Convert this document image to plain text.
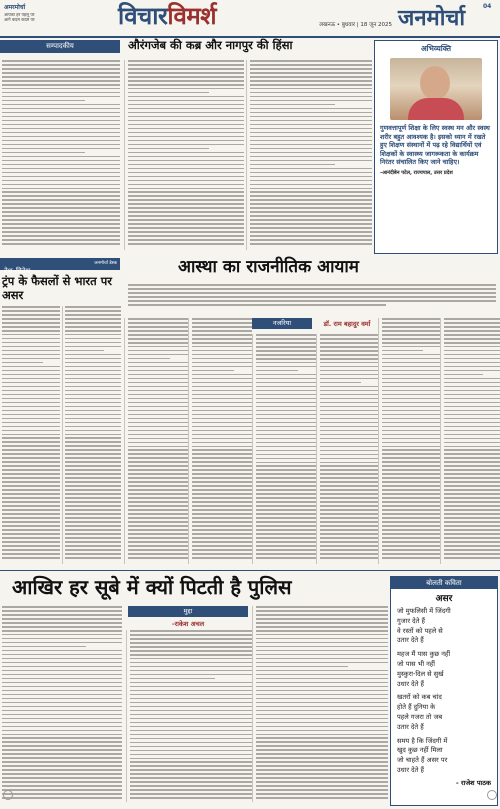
अमरमोर्चा
आपका हर पहलू पर
आगे कदम कदम पर	विचारविमर्श	लखनऊ • बुधवार | 18 जून 2025 जनमोर्चा	04
सम्पादकीय	औरंगजेब की कब्र और नागपुर की हिंसा	अभिव्यक्ति
गुणवत्तापूर्ण शिक्षा के लिए स्वस्थ मन और स्वस्थ शरीर बहुत आवश्यक है। इसको ध्यान में रखते हुए शिक्षण संस्थानों में पढ़ रहे विद्यार्थियों एवं शिक्षकों के स्वास्थ्य जागरूकता के कार्यक्रम निरंतर संचालित किए जाने चाहिए।
-आनंदीबेन पटेल, राज्यपाल, उत्तर प्रदेश
देश–विदेश
जनमोर्चा डेस्क
ट्रंप के फैसलों से भारत पर असर
आस्था का राजनीतिक आयाम
नजरिया	डॉ. राम बहादुर वर्मा
आखिर हर सूबे में क्यों पिटती है पुलिस
मुद्दा
-राकेश अचल
बोलती कविता
असर
जो मुफलिसी में जिंदगी
गुजार देते हैं
वे रस्तों को पहले से
उतार देते हैं
महज मैं पास कुछ नहीं
जो पास भी नहीं
मुस्कुरा-दिल से सुर्ख
उधार देते हैं
खतरों को कब चांद
होते हैं दुनिया के
पहले गजरा तो जब
उतार देते हैं
समय है कि जिंदगी में
खुद कुछ नहीं मिला
जो चाहते हैं असर पर
उधार देते हैं
- राजेश पाठक
